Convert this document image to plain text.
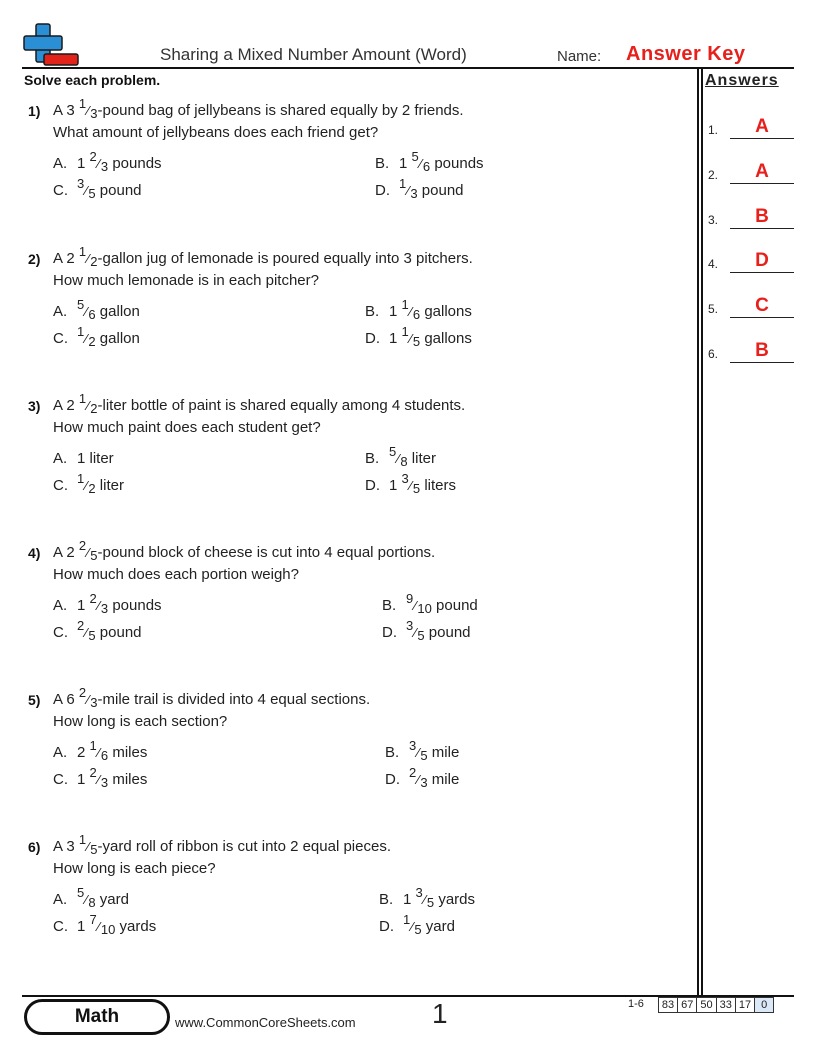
Sharing a Mixed Number Amount (Word)	Name: Answer Key
Solve each problem.	Answers
1.	A
2.	A
3.	B
4.	D
5.	C
6.	B
1) A 3 1⁄3-pound bag of jellybeans is shared equally by 2 friends.
What amount of jellybeans does each friend get?
A. 1 2⁄3 pounds	B. 1 5⁄6 pounds
C. 3⁄5 pound	D. 1⁄3 pound
2) A 2 1⁄2-gallon jug of lemonade is poured equally into 3 pitchers.
How much lemonade is in each pitcher?
A. 5⁄6 gallon	B. 1 1⁄6 gallons
C. 1⁄2 gallon	D. 1 1⁄5 gallons
3) A 2 1⁄2-liter bottle of paint is shared equally among 4 students.
How much paint does each student get?
A. 1 liter	B. 5⁄8 liter
C. 1⁄2 liter	D. 1 3⁄5 liters
4) A 2 2⁄5-pound block of cheese is cut into 4 equal portions.
How much does each portion weigh?
A. 1 2⁄3 pounds	B. 9⁄10 pound
C. 2⁄5 pound	D. 3⁄5 pound
5) A 6 2⁄3-mile trail is divided into 4 equal sections.
How long is each section?
A. 2 1⁄6 miles	B. 3⁄5 mile
C. 1 2⁄3 miles	D. 2⁄3 mile
6) A 3 1⁄5-yard roll of ribbon is cut into 2 equal pieces.
How long is each piece?
A. 5⁄8 yard	B. 1 3⁄5 yards
C. 1 7⁄10 yards	D. 1⁄5 yard
Math	www.CommonCoreSheets.com	1	1-6	83 67 50 33 17 0
